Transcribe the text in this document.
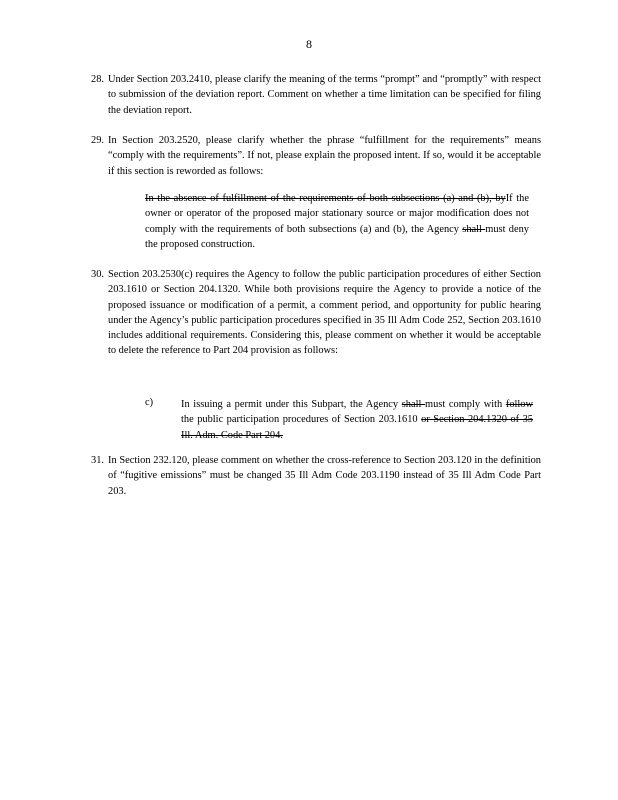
8
28. Under Section 203.2410, please clarify the meaning of the terms “prompt” and “promptly” with respect to submission of the deviation report. Comment on whether a time limitation can be specified for filing the deviation report.
29. In Section 203.2520, please clarify whether the phrase “fulfillment for the requirements” means “comply with the requirements”. If not, please explain the proposed intent. If so, would it be acceptable if this section is reworded as follows:
In the absence of fulfillment of the requirements of both subsections (a) and (b), byIf the owner or operator of the proposed major stationary source or major modification does not comply with the requirements of both subsections (a) and (b), the Agency shall must deny the proposed construction.
30. Section 203.2530(c) requires the Agency to follow the public participation procedures of either Section 203.1610 or Section 204.1320. While both provisions require the Agency to provide a notice of the proposed issuance or modification of a permit, a comment period, and opportunity for public hearing under the Agency’s public participation procedures specified in 35 Ill Adm Code 252, Section 203.1610 includes additional requirements. Considering this, please comment on whether it would be acceptable to delete the reference to Part 204 provision as follows:
c)	In issuing a permit under this Subpart, the Agency shall must comply with follow the public participation procedures of Section 203.1610 or Section 204.1320 of 35 Ill. Adm. Code Part 204.
31. In Section 232.120, please comment on whether the cross-reference to Section 203.120 in the definition of “fugitive emissions” must be changed 35 Ill Adm Code 203.1190 instead of 35 Ill Adm Code Part 203.
